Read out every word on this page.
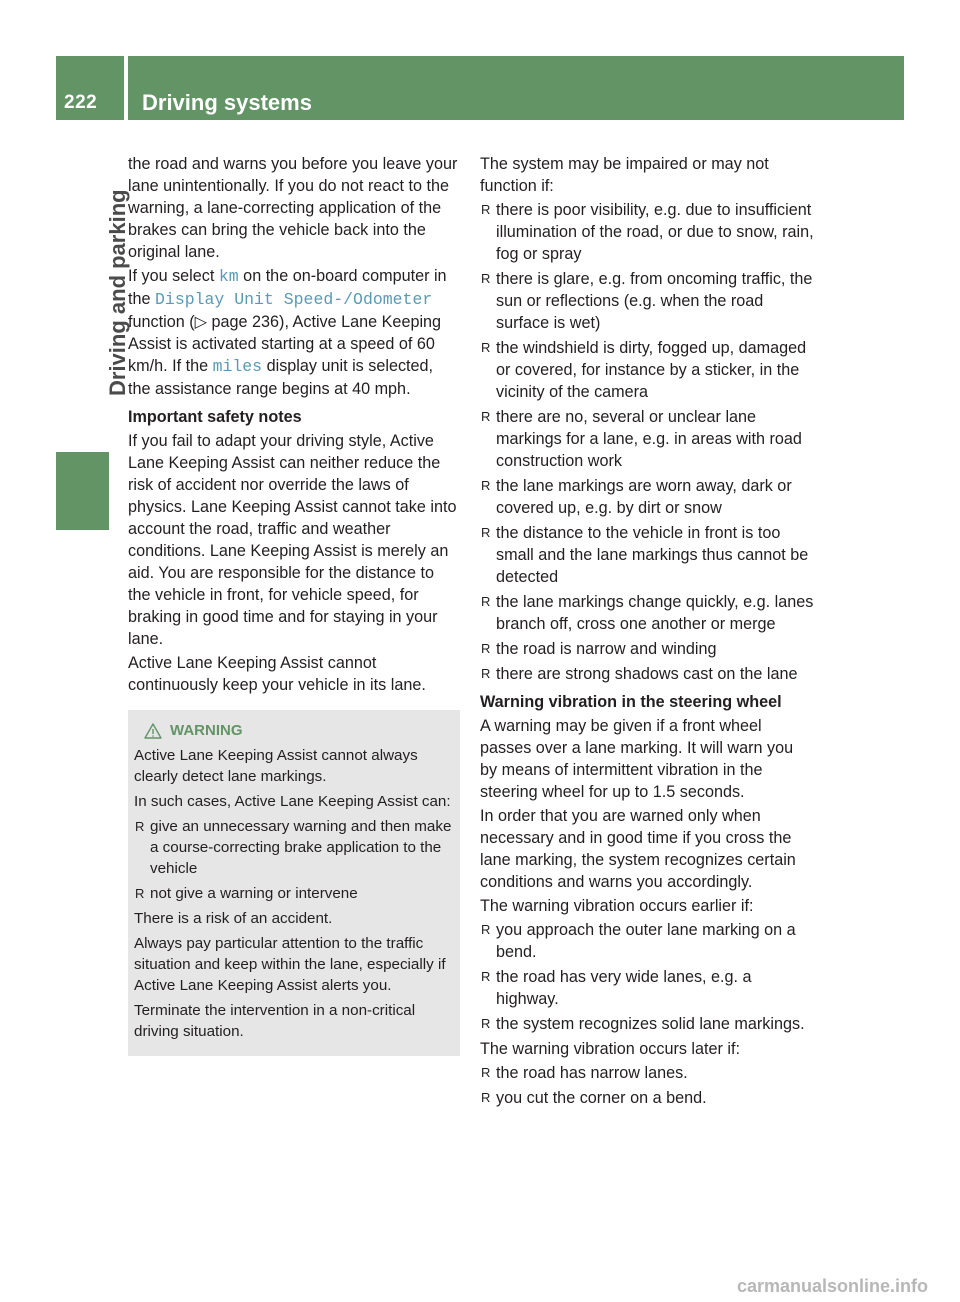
222	Driving systems
Driving and parking

the road and warns you before you leave your lane unintentionally. If you do not react to the warning, a lane-correcting application of the brakes can bring the vehicle back into the original lane.

If you select km on the on-board computer in the Display Unit Speed-/Odometer function (▷ page 236), Active Lane Keeping Assist is activated starting at a speed of 60 km/h. If the miles display unit is selected, the assistance range begins at 40 mph.

Important safety notes

If you fail to adapt your driving style, Active Lane Keeping Assist can neither reduce the risk of accident nor override the laws of physics. Lane Keeping Assist cannot take into account the road, traffic and weather conditions. Lane Keeping Assist is merely an aid. You are responsible for the distance to the vehicle in front, for vehicle speed, for braking in good time and for staying in your lane.

Active Lane Keeping Assist cannot continuously keep your vehicle in its lane.

WARNING

Active Lane Keeping Assist cannot always clearly detect lane markings.

In such cases, Active Lane Keeping Assist can:

R give an unnecessary warning and then make a course-correcting brake application to the vehicle
R not give a warning or intervene

There is a risk of an accident.

Always pay particular attention to the traffic situation and keep within the lane, especially if Active Lane Keeping Assist alerts you.

Terminate the intervention in a non-critical driving situation.

The system may be impaired or may not function if:

R there is poor visibility, e.g. due to insufficient illumination of the road, or due to snow, rain, fog or spray
R there is glare, e.g. from oncoming traffic, the sun or reflections (e.g. when the road surface is wet)
R the windshield is dirty, fogged up, damaged or covered, for instance by a sticker, in the vicinity of the camera
R there are no, several or unclear lane markings for a lane, e.g. in areas with road construction work
R the lane markings are worn away, dark or covered up, e.g. by dirt or snow
R the distance to the vehicle in front is too small and the lane markings thus cannot be detected
R the lane markings change quickly, e.g. lanes branch off, cross one another or merge
R the road is narrow and winding
R there are strong shadows cast on the lane

Warning vibration in the steering wheel

A warning may be given if a front wheel passes over a lane marking. It will warn you by means of intermittent vibration in the steering wheel for up to 1.5 seconds.

In order that you are warned only when necessary and in good time if you cross the lane marking, the system recognizes certain conditions and warns you accordingly.

The warning vibration occurs earlier if:

R you approach the outer lane marking on a bend.
R the road has very wide lanes, e.g. a highway.
R the system recognizes solid lane markings.

The warning vibration occurs later if:

R the road has narrow lanes.
R you cut the corner on a bend.
carmanualsonline.info
